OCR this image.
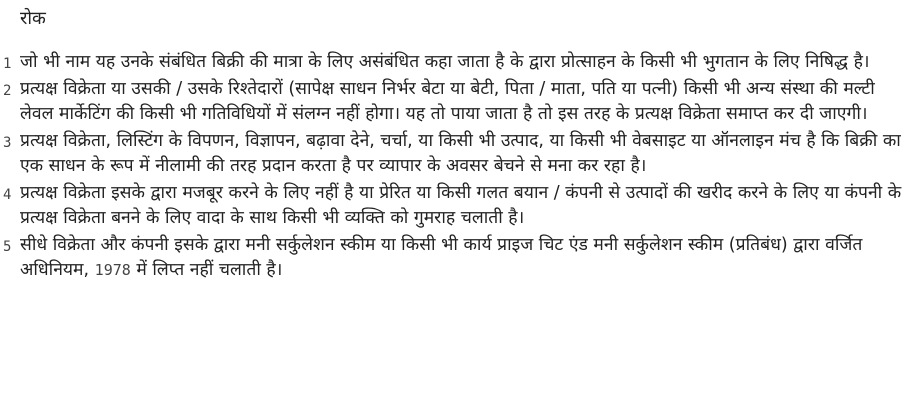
रोक
1 जो भी नाम यह उनके संबंधित बिक्री की मात्रा के लिए असंबंधित कहा जाता है के द्वारा प्रोत्साहन के किसी भी भुगतान के लिए निषिद्ध है।
2 प्रत्यक्ष विक्रेता या उसकी / उसके रिश्तेदारों (सापेक्ष साधन निर्भर बेटा या बेटी, पिता / माता, पति या पत्नी) किसी भी अन्य संस्था की मल्टी लेवल मार्केटिंग की किसी भी गतिविधियों में संलग्न नहीं होगा। यह तो पाया जाता है तो इस तरह के प्रत्यक्ष विक्रेता समाप्त कर दी जाएगी।
3 प्रत्यक्ष विक्रेता, लिस्टिंग के विपणन, विज्ञापन, बढ़ावा देने, चर्चा, या किसी भी उत्पाद, या किसी भी वेबसाइट या ऑनलाइन मंच है कि बिक्री का एक साधन के रूप में नीलामी की तरह प्रदान करता है पर व्यापार के अवसर बेचने से मना कर रहा है।
4 प्रत्यक्ष विक्रेता इसके द्वारा मजबूर करने के लिए नहीं है या प्रेरित या किसी गलत बयान / कंपनी से उत्पादों की खरीद करने के लिए या कंपनी के प्रत्यक्ष विक्रेता बनने के लिए वादा के साथ किसी भी व्यक्ति को गुमराह चलाती है।
5 सीधे विक्रेता और कंपनी इसके द्वारा मनी सर्कुलेशन स्कीम या किसी भी कार्य प्राइज चिट एंड मनी सर्कुलेशन स्कीम (प्रतिबंध) द्वारा वर्जित अधिनियम, 1978 में लिप्त नहीं चलाती है।
